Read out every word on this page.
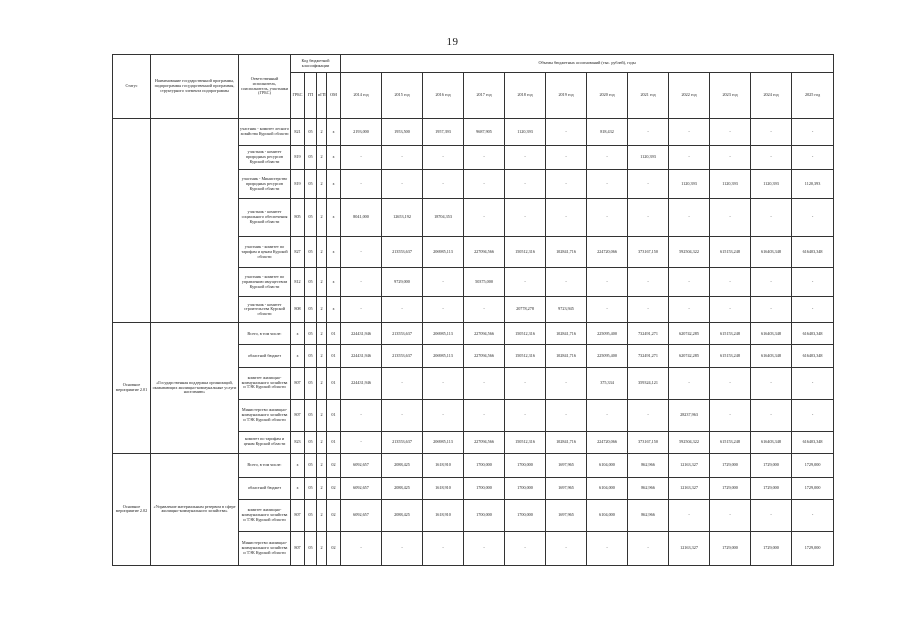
19
Статус	Наименование государственной программы, подпрограммы государственной программы, структурного элемента подпрограммы	Ответственный исполнитель, соисполнитель, участники (ГРБС)	Код бюджетной классификации				Объемы бюджетных ассигнований (тыс. рублей), годы											
			ГРБС	ГП	пГП	ОМ	2014 год	2015 год	2016 год	2017 год	2018 год	2019 год	2020 год	2021 год	2022 год	2023 год	2024 год	2025 год
		участник - комитет лесного хозяйства Курской области	821	05	2	х	2193,000	1953,500	1957,393	9687,905	1120,393	-	818,432	-	-	-	-	-
		участник - комитет природных ресурсов Курской области	819	05	2	х	-	-	-	-	-	-	-	1120,393	-	-	-	-
		участник - Министерство природных ресурсов Курской области	819	05	2	х	-	-	-	-	-	-	-	-	1120,393	1120,393	1120,393	1120,393
		участник - комитет социального обеспечения Курской области	805	05	2	х	8041,000	12653,192	18704,353	-	-	-	-	-	-	-	-	-
		участник - комитет по тарифам и ценам Курской области	827	05	2	х	-	213553,637	206985,113	227094,566	150512,316	102841,716	224720,066	373167,150	592504,322	615153,248	616403,348	616403,348
		участник - комитет по управлению имуществом Курской области	812	05	2	х	-	9729,000	-	50375,000	-	-	-	-	-	-	-	-
		участник - комитет строительства Курской области	808	05	2	х	-	-	-	-	20778,278	9723,945	-	-	-	-	-	-
Основное мероприятие 2.01	«Государственная поддержка организаций, оказывающих жилищно-коммунальные услуги населению»	Всего, в том числе:	х	05	2	01	224431,946	213553,637	206985,113	227094,566	150512,316	102841,716	225095,400	732491,271	620742,285	615153,248	616403,348	616403,348
		областной бюджет	х	05	2	01	224431,946	213553,637	206985,113	227094,566	150512,316	102841,716	225095,400	732491,271	620742,285	615153,248	616403,348	616403,348
		комитет жилищно-коммунального хозяйства и ТЭК Курской области	807	05	2	01	224431,946	-	-	-	-	-	375,334	359324,121	-	-	-	-
		Министерство жилищно-коммунального хозяйства и ТЭК Курской области	807	05	2	01	-	-	-	-	-	-	-	-	28237,963	-	-	-
		комитет по тарифам и ценам Курской области	823	05	2	01	-	213553,637	206985,113	227094,566	150512,316	102841,716	224720,066	373167,150	592504,322	615153,248	616403,348	616403,348
Основное мероприятие 2.02	«Управление материальным резервом в сфере жилищно-коммунального хозяйства»	Всего, в том числе:	х	05	2	02	6092,657	2088,425	1618,910	1700,000	1700,000	1697,965	6104,000	862,966	12163,327	1729,000	1729,000	1729,000
		областной бюджет	х	05	2	02	6092,657	2088,425	1618,910	1700,000	1700,000	1697,965	6104,000	862,966	12163,327	1729,000	1729,000	1729,000
		комитет жилищно-коммунального хозяйства и ТЭК Курской области	807	05	2	02	6092,657	2088,425	1618,910	1700,000	1700,000	1697,965	6104,000	862,966	-	-	-	-
		Министерство жилищно-коммунального хозяйства и ТЭК Курской области	807	05	2	02	-	-	-	-	-	-	-	-	12163,327	1729,000	1729,000	1729,000
